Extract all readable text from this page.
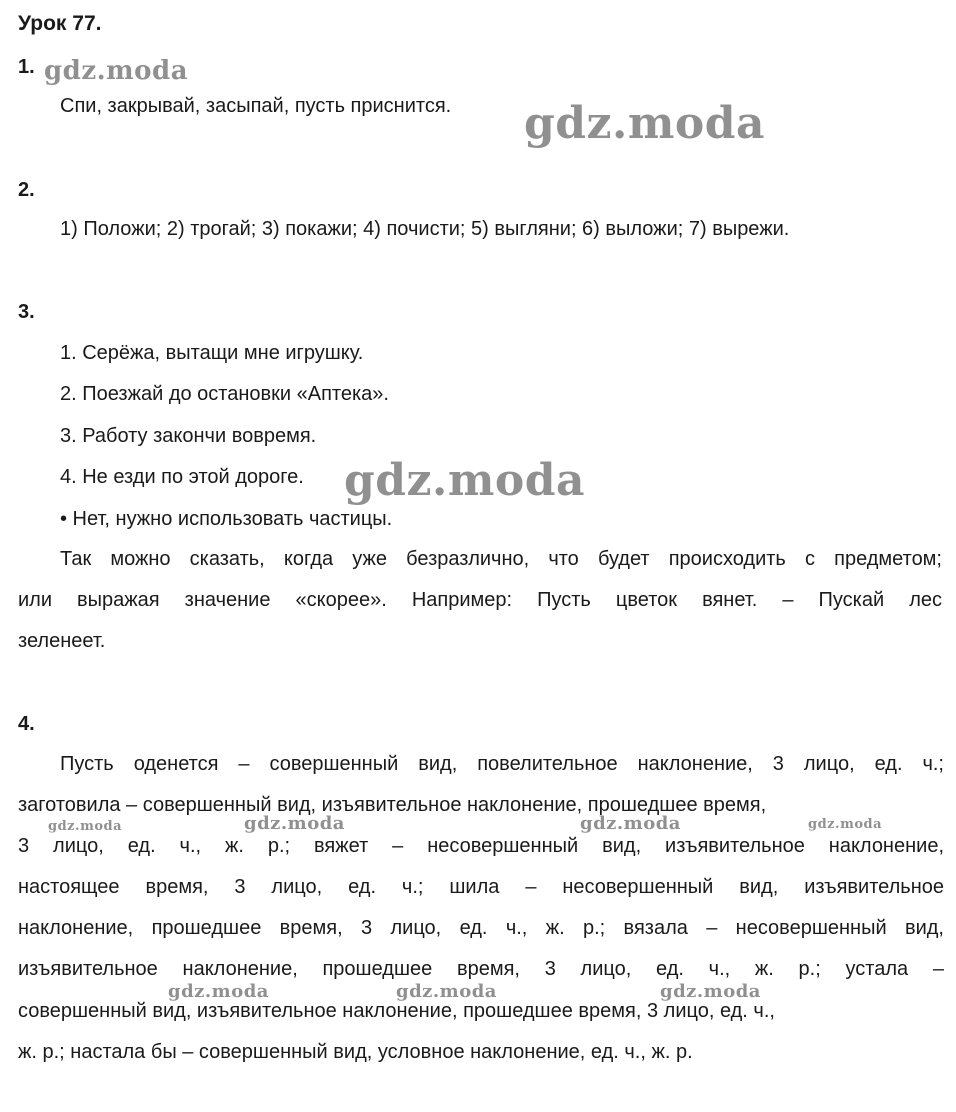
Урок 77.
1.
Спи, закрывай, засыпай, пусть приснится.
2.
1) Положи; 2) трогай; 3) покажи; 4) почисти; 5) выгляни; 6) выложи; 7) вырежи.
3.
1. Серёжа, вытащи мне игрушку.
2. Поезжай до остановки «Аптека».
3. Работу закончи вовремя.
4. Не езди по этой дороге.
• Нет, нужно использовать частицы.
Так можно сказать, когда уже безразлично, что будет происходить с предметом;
или выражая значение «скорее». Например: Пусть цветок вянет. – Пускай лес
зеленеет.
4.
Пусть оденется – совершенный вид, повелительное наклонение, 3 лицо, ед. ч.;
заготовила – совершенный вид, изъявительное наклонение, прошедшее время,
3 лицо, ед. ч., ж. р.; вяжет – несовершенный вид, изъявительное наклонение,
настоящее время, 3 лицо, ед. ч.; шила – несовершенный вид, изъявительное
наклонение, прошедшее время, 3 лицо, ед. ч., ж. р.; вязала – несовершенный вид,
изъявительное наклонение, прошедшее время, 3 лицо, ед. ч., ж. р.; устала –
совершенный вид, изъявительное наклонение, прошедшее время, 3 лицо, ед. ч.,
ж. р.; настала бы – совершенный вид, условное наклонение, ед. ч., ж. р.
gdz.moda
gdz.moda
gdz.moda
gdz.moda	gdz.moda	gdz.moda	gdz.moda
gdz.moda	gdz.moda	gdz.moda
